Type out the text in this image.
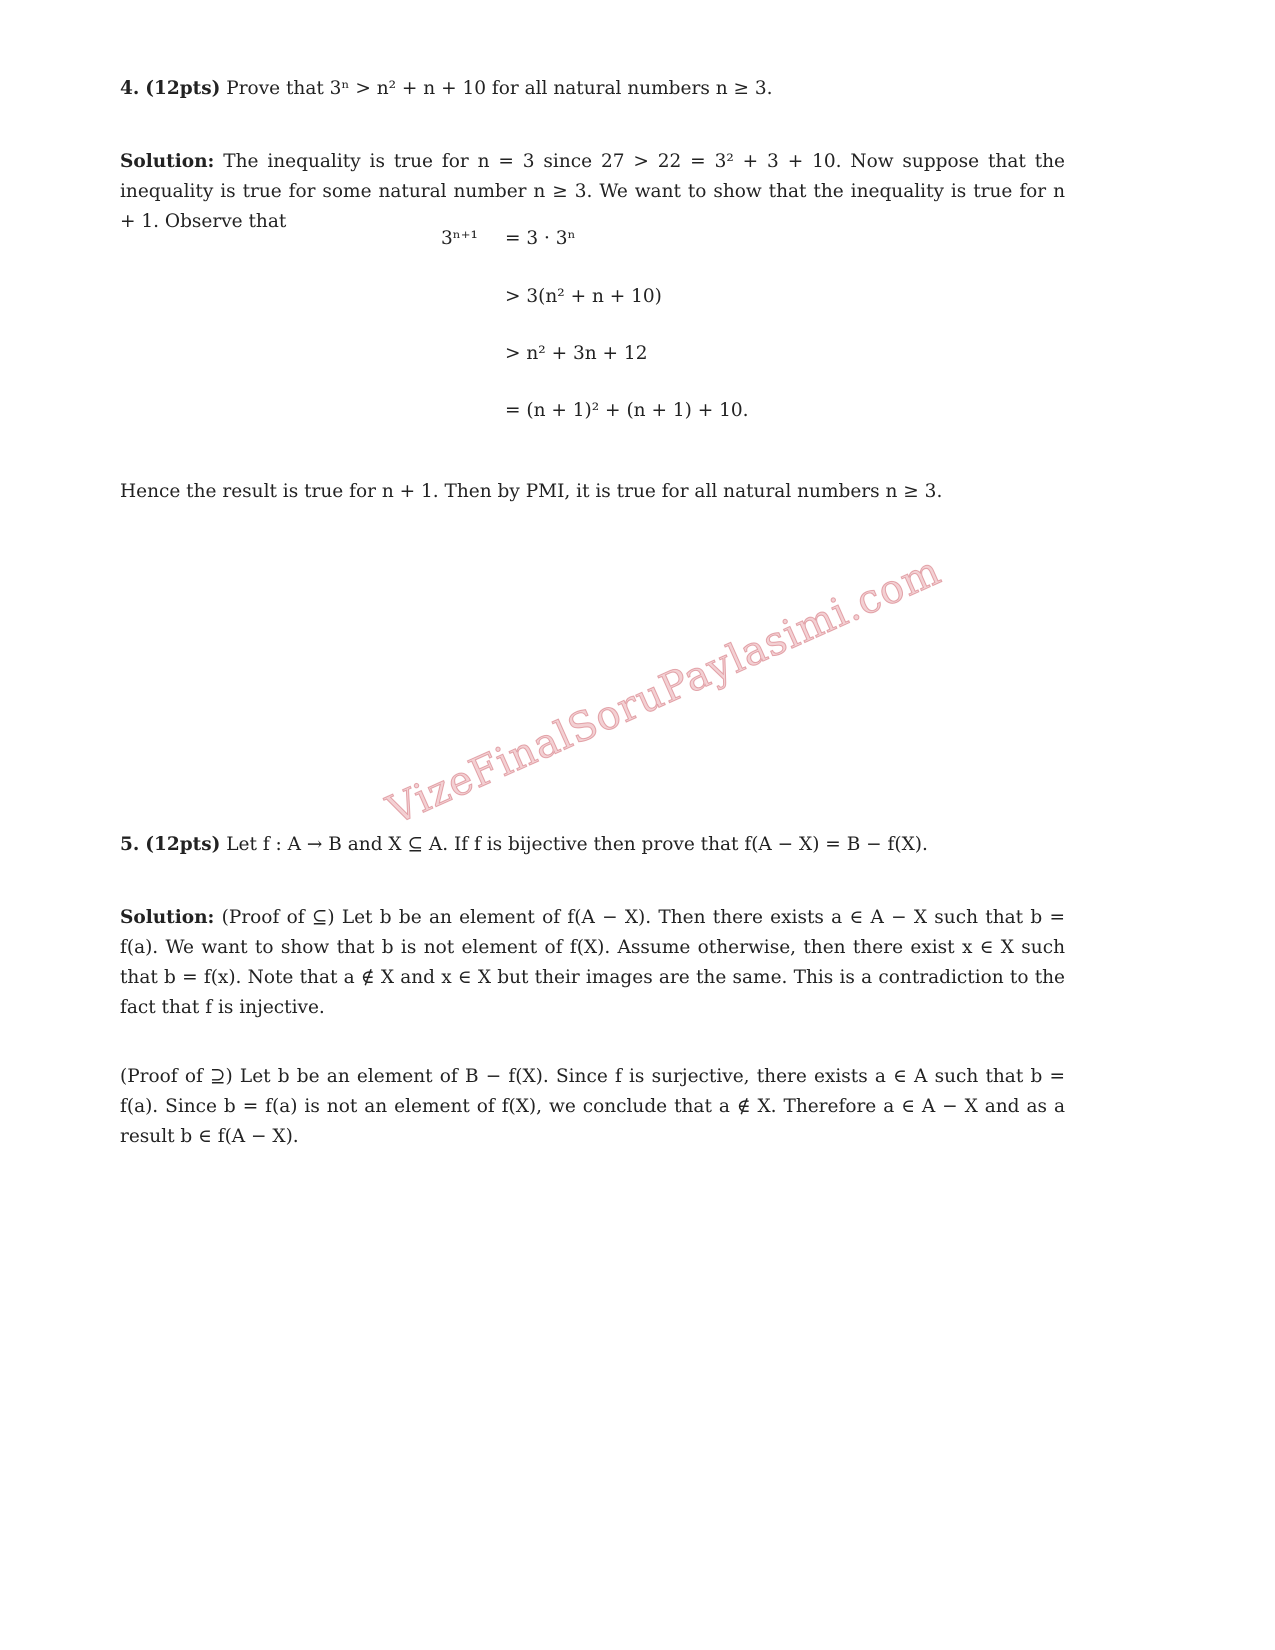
4. (12pts) Prove that 3ⁿ > n² + n + 10 for all natural numbers n ≥ 3.
Solution: The inequality is true for n = 3 since 27 > 22 = 3² + 3 + 10. Now suppose that the inequality is true for some natural number n ≥ 3. We want to show that the inequality is true for n + 1. Observe that
3ⁿ⁺¹	= 3 · 3ⁿ
> 3(n² + n + 10)
> n² + 3n + 12
= (n + 1)² + (n + 1) + 10.
Hence the result is true for n + 1. Then by PMI, it is true for all natural numbers n ≥ 3.
VizeFinalSoruPaylasimi.com
5. (12pts) Let f : A → B and X ⊆ A. If f is bijective then prove that f(A − X) = B − f(X).
Solution: (Proof of ⊆) Let b be an element of f(A − X). Then there exists a ∈ A − X such that b = f(a). We want to show that b is not element of f(X). Assume otherwise, then there exist x ∈ X such that b = f(x). Note that a ∉ X and x ∈ X but their images are the same. This is a contradiction to the fact that f is injective.
(Proof of ⊇) Let b be an element of B − f(X). Since f is surjective, there exists a ∈ A such that b = f(a). Since b = f(a) is not an element of f(X), we conclude that a ∉ X. Therefore a ∈ A − X and as a result b ∈ f(A − X).
